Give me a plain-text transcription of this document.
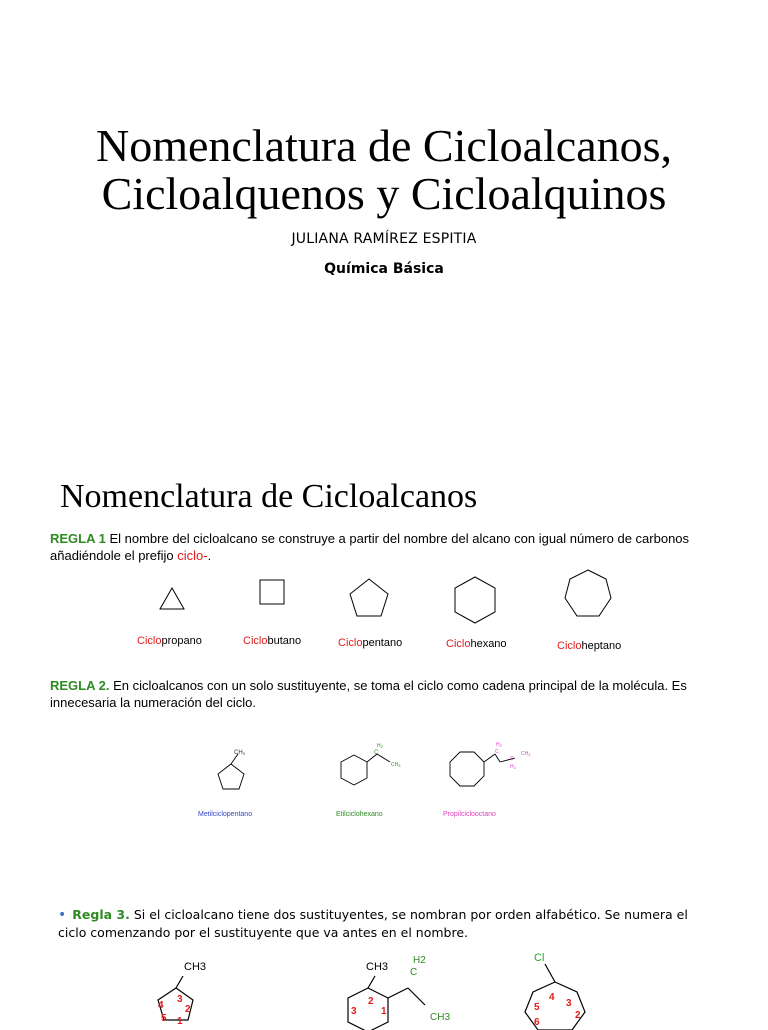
Nomenclatura de Cicloalcanos,
Cicloalquenos y Cicloalquinos
JULIANA RAMÍREZ ESPITIA
Química Básica
Nomenclatura de Cicloalcanos
REGLA 1 El nombre del cicloalcano se construye a partir del nombre del alcano con igual número de carbonos añadiéndole el prefijo ciclo-.
Ciclopropano	Ciclobutano	Ciclopentano	Ciclohexano	Cicloheptano
REGLA 2. En cicloalcanos con un solo sustituyente, se toma el ciclo como cadena principal de la molécula. Es innecesaria la numeración del ciclo.
CH3
Metilciclopentano
$H_2$
C
$CH_3$
Etilciclohexano
$H_2$
C
C
$CH_3$
$H_2$
Propilciclooctano
• Regla 3. Si el cicloalcano tiene dos sustituyentes, se nombran por orden alfabético. Se numera el ciclo comenzando por el sustituyente que va antes en el nombre.
CH3
3
4 2
5 1
CH3
H2
C
CH3
2
3 1
Cl
4
5	3
2
6
